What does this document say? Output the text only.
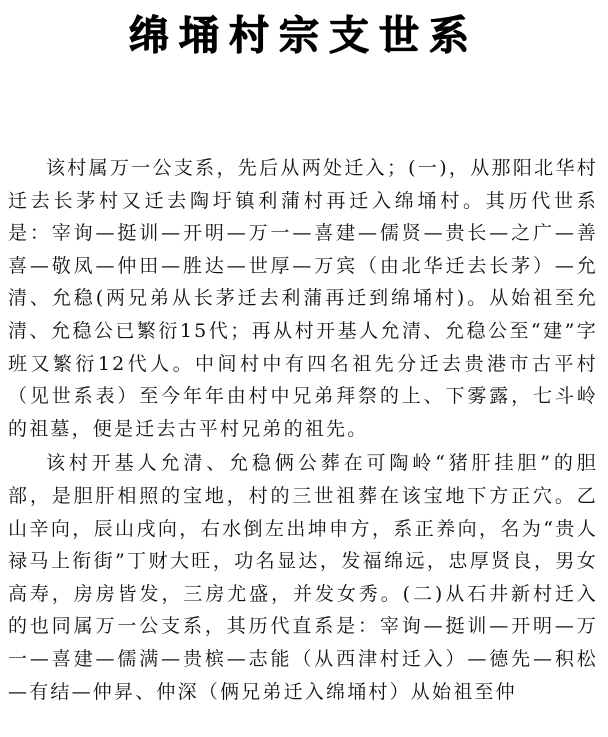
绵埇村宗支世系

该村属万一公支系，先后从两处迁入；(一)，从那阳北华村迁去长茅村又迁去陶圩镇利蒲村再迁入绵埇村。其历代世系是：宰询—挺训—开明—万一—喜建—儒贤—贵长—之广—善喜—敬凤—仲田—胜达—世厚—万宾（由北华迁去长茅）—允清、允稳(两兄弟从长茅迁去利蒲再迁到绵埇村)。从始祖至允清、允稳公已繁衍15代；再从村开基人允清、允稳公至“建”字班又繁衍12代人。中间村中有四名祖先分迁去贵港市古平村（见世系表）至今年年由村中兄弟拜祭的上、下雾露，七斗岭的祖墓，便是迁去古平村兄弟的祖先。

该村开基人允清、允稳俩公葬在可陶岭“猪肝挂胆”的胆部，是胆肝相照的宝地，村的三世祖葬在该宝地下方正穴。乙山辛向，辰山戌向，右水倒左出坤申方，系正养向，名为“贵人禄马上衔街”丁财大旺，功名显达，发福绵远，忠厚贤良，男女高寿，房房皆发，三房尤盛，并发女秀。(二)从石井新村迁入的也同属万一公支系，其历代直系是：宰询—挺训—开明—万一—喜建—儒满—贵槟—志能（从西津村迁入）—德先—积松—有结—仲昇、仲深（俩兄弟迁入绵埇村）从始祖至仲
